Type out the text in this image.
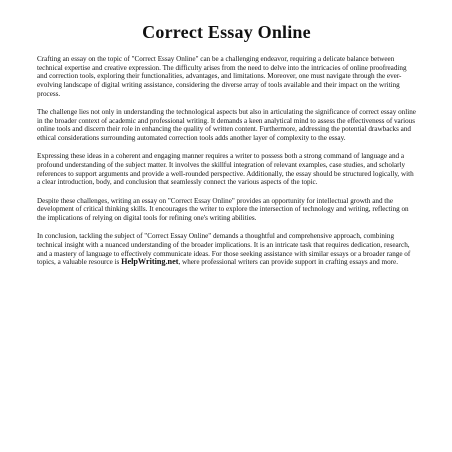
Correct Essay Online

Crafting an essay on the topic of "Correct Essay Online" can be a challenging endeavor, requiring a delicate balance between technical expertise and creative expression. The difficulty arises from the need to delve into the intricacies of online proofreading and correction tools, exploring their functionalities, advantages, and limitations. Moreover, one must navigate through the ever-evolving landscape of digital writing assistance, considering the diverse array of tools available and their impact on the writing process.

The challenge lies not only in understanding the technological aspects but also in articulating the significance of correct essay online in the broader context of academic and professional writing. It demands a keen analytical mind to assess the effectiveness of various online tools and discern their role in enhancing the quality of written content. Furthermore, addressing the potential drawbacks and ethical considerations surrounding automated correction tools adds another layer of complexity to the essay.

Expressing these ideas in a coherent and engaging manner requires a writer to possess both a strong command of language and a profound understanding of the subject matter. It involves the skillful integration of relevant examples, case studies, and scholarly references to support arguments and provide a well-rounded perspective. Additionally, the essay should be structured logically, with a clear introduction, body, and conclusion that seamlessly connect the various aspects of the topic.

Despite these challenges, writing an essay on "Correct Essay Online" provides an opportunity for intellectual growth and the development of critical thinking skills. It encourages the writer to explore the intersection of technology and writing, reflecting on the implications of relying on digital tools for refining one's writing abilities.

In conclusion, tackling the subject of "Correct Essay Online" demands a thoughtful and comprehensive approach, combining technical insight with a nuanced understanding of the broader implications. It is an intricate task that requires dedication, research, and a mastery of language to effectively communicate ideas. For those seeking assistance with similar essays or a broader range of topics, a valuable resource is HelpWriting.net, where professional writers can provide support in crafting essays and more.
